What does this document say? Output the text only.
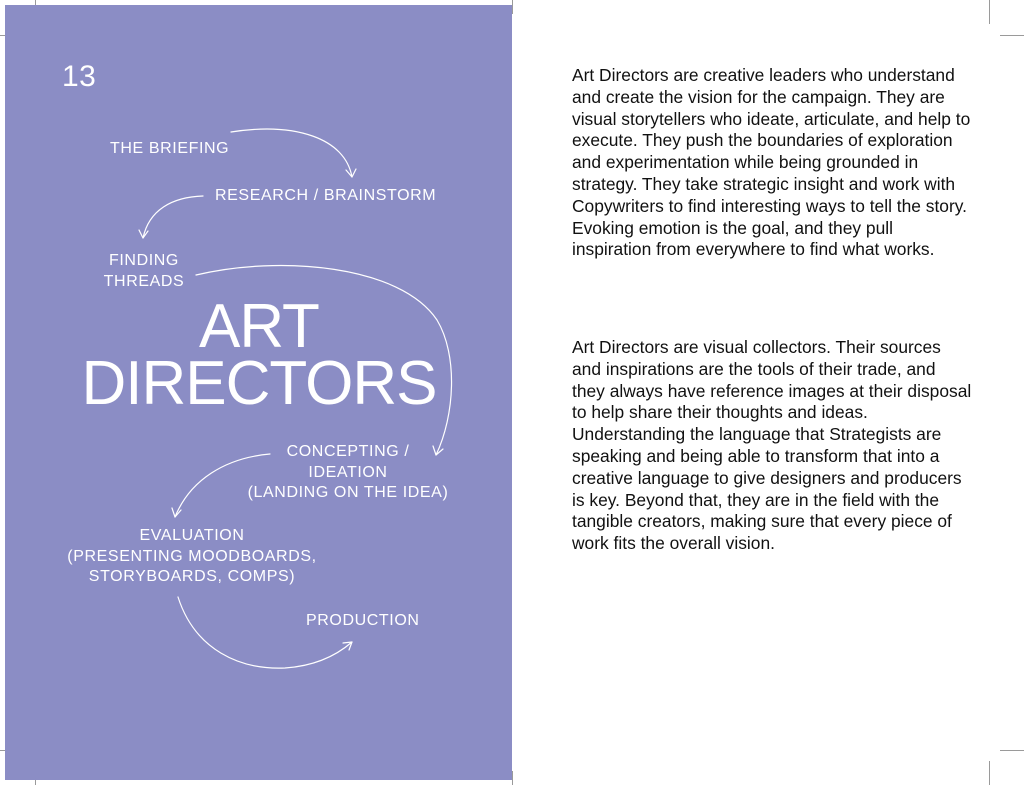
13
THE BRIEFING
RESEARCH / BRAINSTORM
FINDING
THREADS
ART
DIRECTORS
CONCEPTING /
IDEATION
(LANDING ON THE IDEA)
EVALUATION
(PRESENTING MOODBOARDS,
STORYBOARDS, COMPS)
PRODUCTION

Art Directors are creative leaders who understand and create the vision for the campaign. They are visual storytellers who ideate, articulate, and help to execute. They push the boundaries of exploration and experimentation while being grounded in strategy. They take strategic insight and work with Copywriters to find interesting ways to tell the story. Evoking emotion is the goal, and they pull inspiration from everywhere to find what works.

Art Directors are visual collectors. Their sources and inspirations are the tools of their trade, and they always have reference images at their disposal to help share their thoughts and ideas. Understanding the language that Strategists are speaking and being able to transform that into a creative language to give designers and producers is key. Beyond that, they are in the field with the tangible creators, making sure that every piece of work fits the overall vision.
